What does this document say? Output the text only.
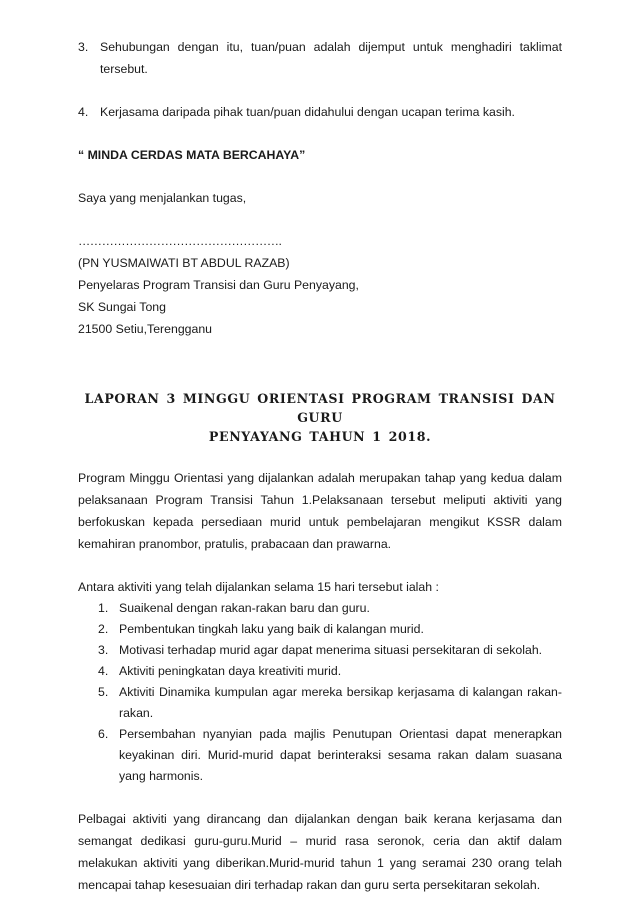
3. Sehubungan dengan itu, tuan/puan adalah dijemput untuk menghadiri taklimat tersebut.
4. Kerjasama daripada pihak tuan/puan didahului dengan ucapan terima kasih.
“ MINDA CERDAS MATA BERCAHAYA”
Saya yang menjalankan tugas,
…………………………………………….
(PN YUSMAIWATI BT ABDUL RAZAB)
Penyelaras Program Transisi dan Guru Penyayang,
SK Sungai Tong
21500 Setiu,Terengganu
LAPORAN 3 MINGGU ORIENTASI PROGRAM TRANSISI DAN GURU
PENYAYANG TAHUN 1 2018.
Program Minggu Orientasi yang dijalankan adalah merupakan tahap yang kedua dalam pelaksanaan Program Transisi Tahun 1.Pelaksanaan tersebut meliputi aktiviti yang berfokuskan kepada persediaan murid untuk pembelajaran mengikut KSSR dalam kemahiran pranombor, pratulis, prabacaan dan prawarna.
Antara aktiviti yang telah dijalankan selama 15 hari tersebut ialah :
1. Suaikenal dengan rakan-rakan baru dan guru.
2. Pembentukan tingkah laku yang baik di kalangan murid.
3. Motivasi terhadap murid agar dapat menerima situasi persekitaran di sekolah.
4. Aktiviti peningkatan daya kreativiti murid.
5. Aktiviti Dinamika kumpulan agar mereka bersikap kerjasama di kalangan rakan-rakan.
6. Persembahan nyanyian pada majlis Penutupan Orientasi dapat menerapkan keyakinan diri. Murid-murid dapat berinteraksi sesama rakan dalam suasana yang harmonis.
Pelbagai aktiviti yang dirancang dan dijalankan dengan baik kerana kerjasama dan semangat dedikasi guru-guru.Murid – murid rasa seronok, ceria dan aktif dalam melakukan aktiviti yang diberikan.Murid-murid tahun 1 yang seramai 230 orang telah mencapai tahap kesesuaian diri terhadap rakan dan guru serta persekitaran sekolah.
